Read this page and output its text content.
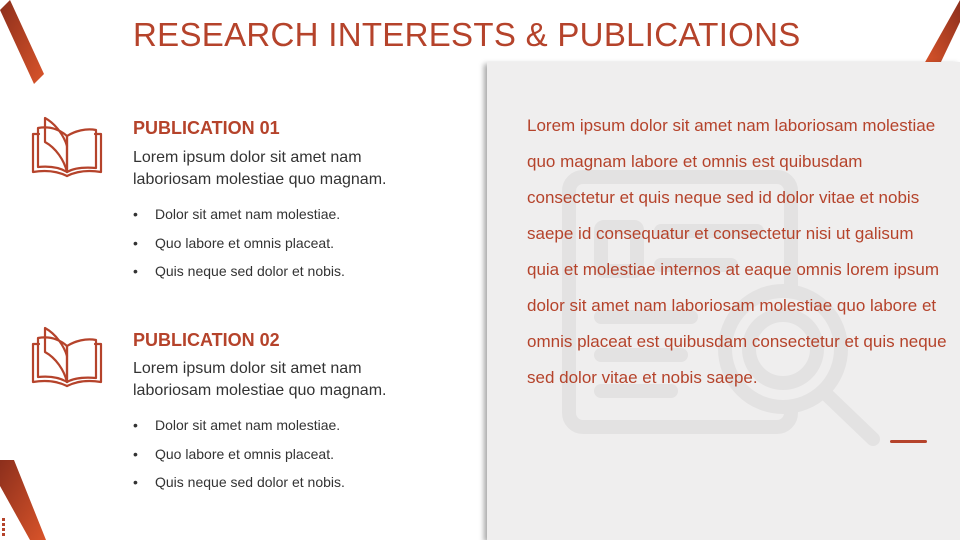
RESEARCH INTERESTS & PUBLICATIONS
PUBLICATION 01

Lorem ipsum dolor sit amet nam laboriosam molestiae quo magnam.

• Dolor sit amet nam molestiae.
• Quo labore et omnis placeat.
• Quis neque sed dolor et nobis.
PUBLICATION 02

Lorem ipsum dolor sit amet nam laboriosam molestiae quo magnam.

• Dolor sit amet nam molestiae.
• Quo labore et omnis placeat.
• Quis neque sed dolor et nobis.

Lorem ipsum dolor sit amet nam laboriosam molestiae quo magnam labore et omnis est quibusdam consectetur et quis neque sed id dolor vitae et nobis saepe id consequatur et consectetur nisi ut galisum quia et molestiae internos at eaque omnis lorem ipsum dolor sit amet nam laboriosam molestiae quo labore et omnis placeat est quibusdam consectetur et quis neque sed dolor vitae et nobis saepe.
